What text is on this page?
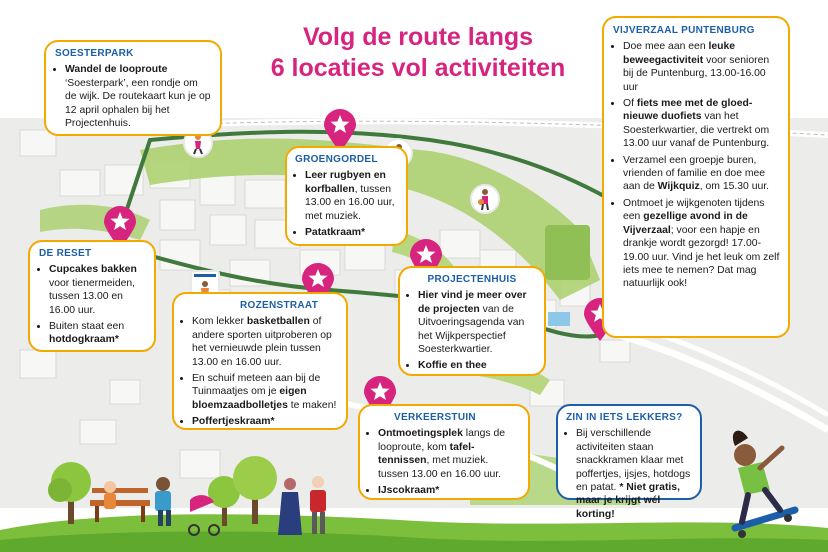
Volg de route langs
6 locaties vol activiteiten
SOESTERPARK
• Wandel de looproute ‘Soesterpark’, een rondje om de wijk. De routekaart kun je op 12 april ophalen bij het Projectenhuis.
GROENGORDEL
• Leer rugbyen en korfballen, tussen 13.00 en 16.00 uur, met muziek.
• Patatkraam*
VIJVERZAAL PUNTENBURG
• Doe mee aan een leuke beweegactiviteit voor senioren bij de Puntenburg, 13.00-16.00 uur
• Of fiets mee met de gloed-nieuwe duofiets van het Soesterkwartier, die vertrekt om 13.00 uur vanaf de Puntenburg.
• Verzamel een groepje buren, vrienden of familie en doe mee aan de Wijkquiz, om 15.30 uur.
• Ontmoet je wijkgenoten tijdens een gezellige avond in de Vijverzaal; voor een hapje en drankje wordt gezorgd! 17.00-19.00 uur. Vind je het leuk om zelf iets mee te nemen? Dat mag natuurlijk ook!
DE RESET
• Cupcakes bakken voor tienermeiden, tussen 13.00 en 16.00 uur.
• Buiten staat een hotdogkraam*
ROZENSTRAAT
• Kom lekker basketballen of andere sporten uitproberen op het vernieuwde plein tussen 13.00 en 16.00 uur.
• En schuif meteen aan bij de Tuinmaatjes om je eigen bloemzaadbolletjes te maken!
• Poffertjeskraam*
PROJECTENHUIS
• Hier vind je meer over de projecten van de Uitvoeringsagenda van het Wijkperspectief Soesterkwartier.
• Koffie en thee
VERKEERSTUIN
• Ontmoetingsplek langs de looproute, kom tafel-tennissen, met muziek. tussen 13.00 en 16.00 uur.
• IJscokraam*
ZIN IN IETS LEKKERS?
• Bij verschillende activiteiten staan snackkramen klaar met poffertjes, ijsjes, hotdogs en patat. * Niet gratis, maar je krijgt wél korting!
